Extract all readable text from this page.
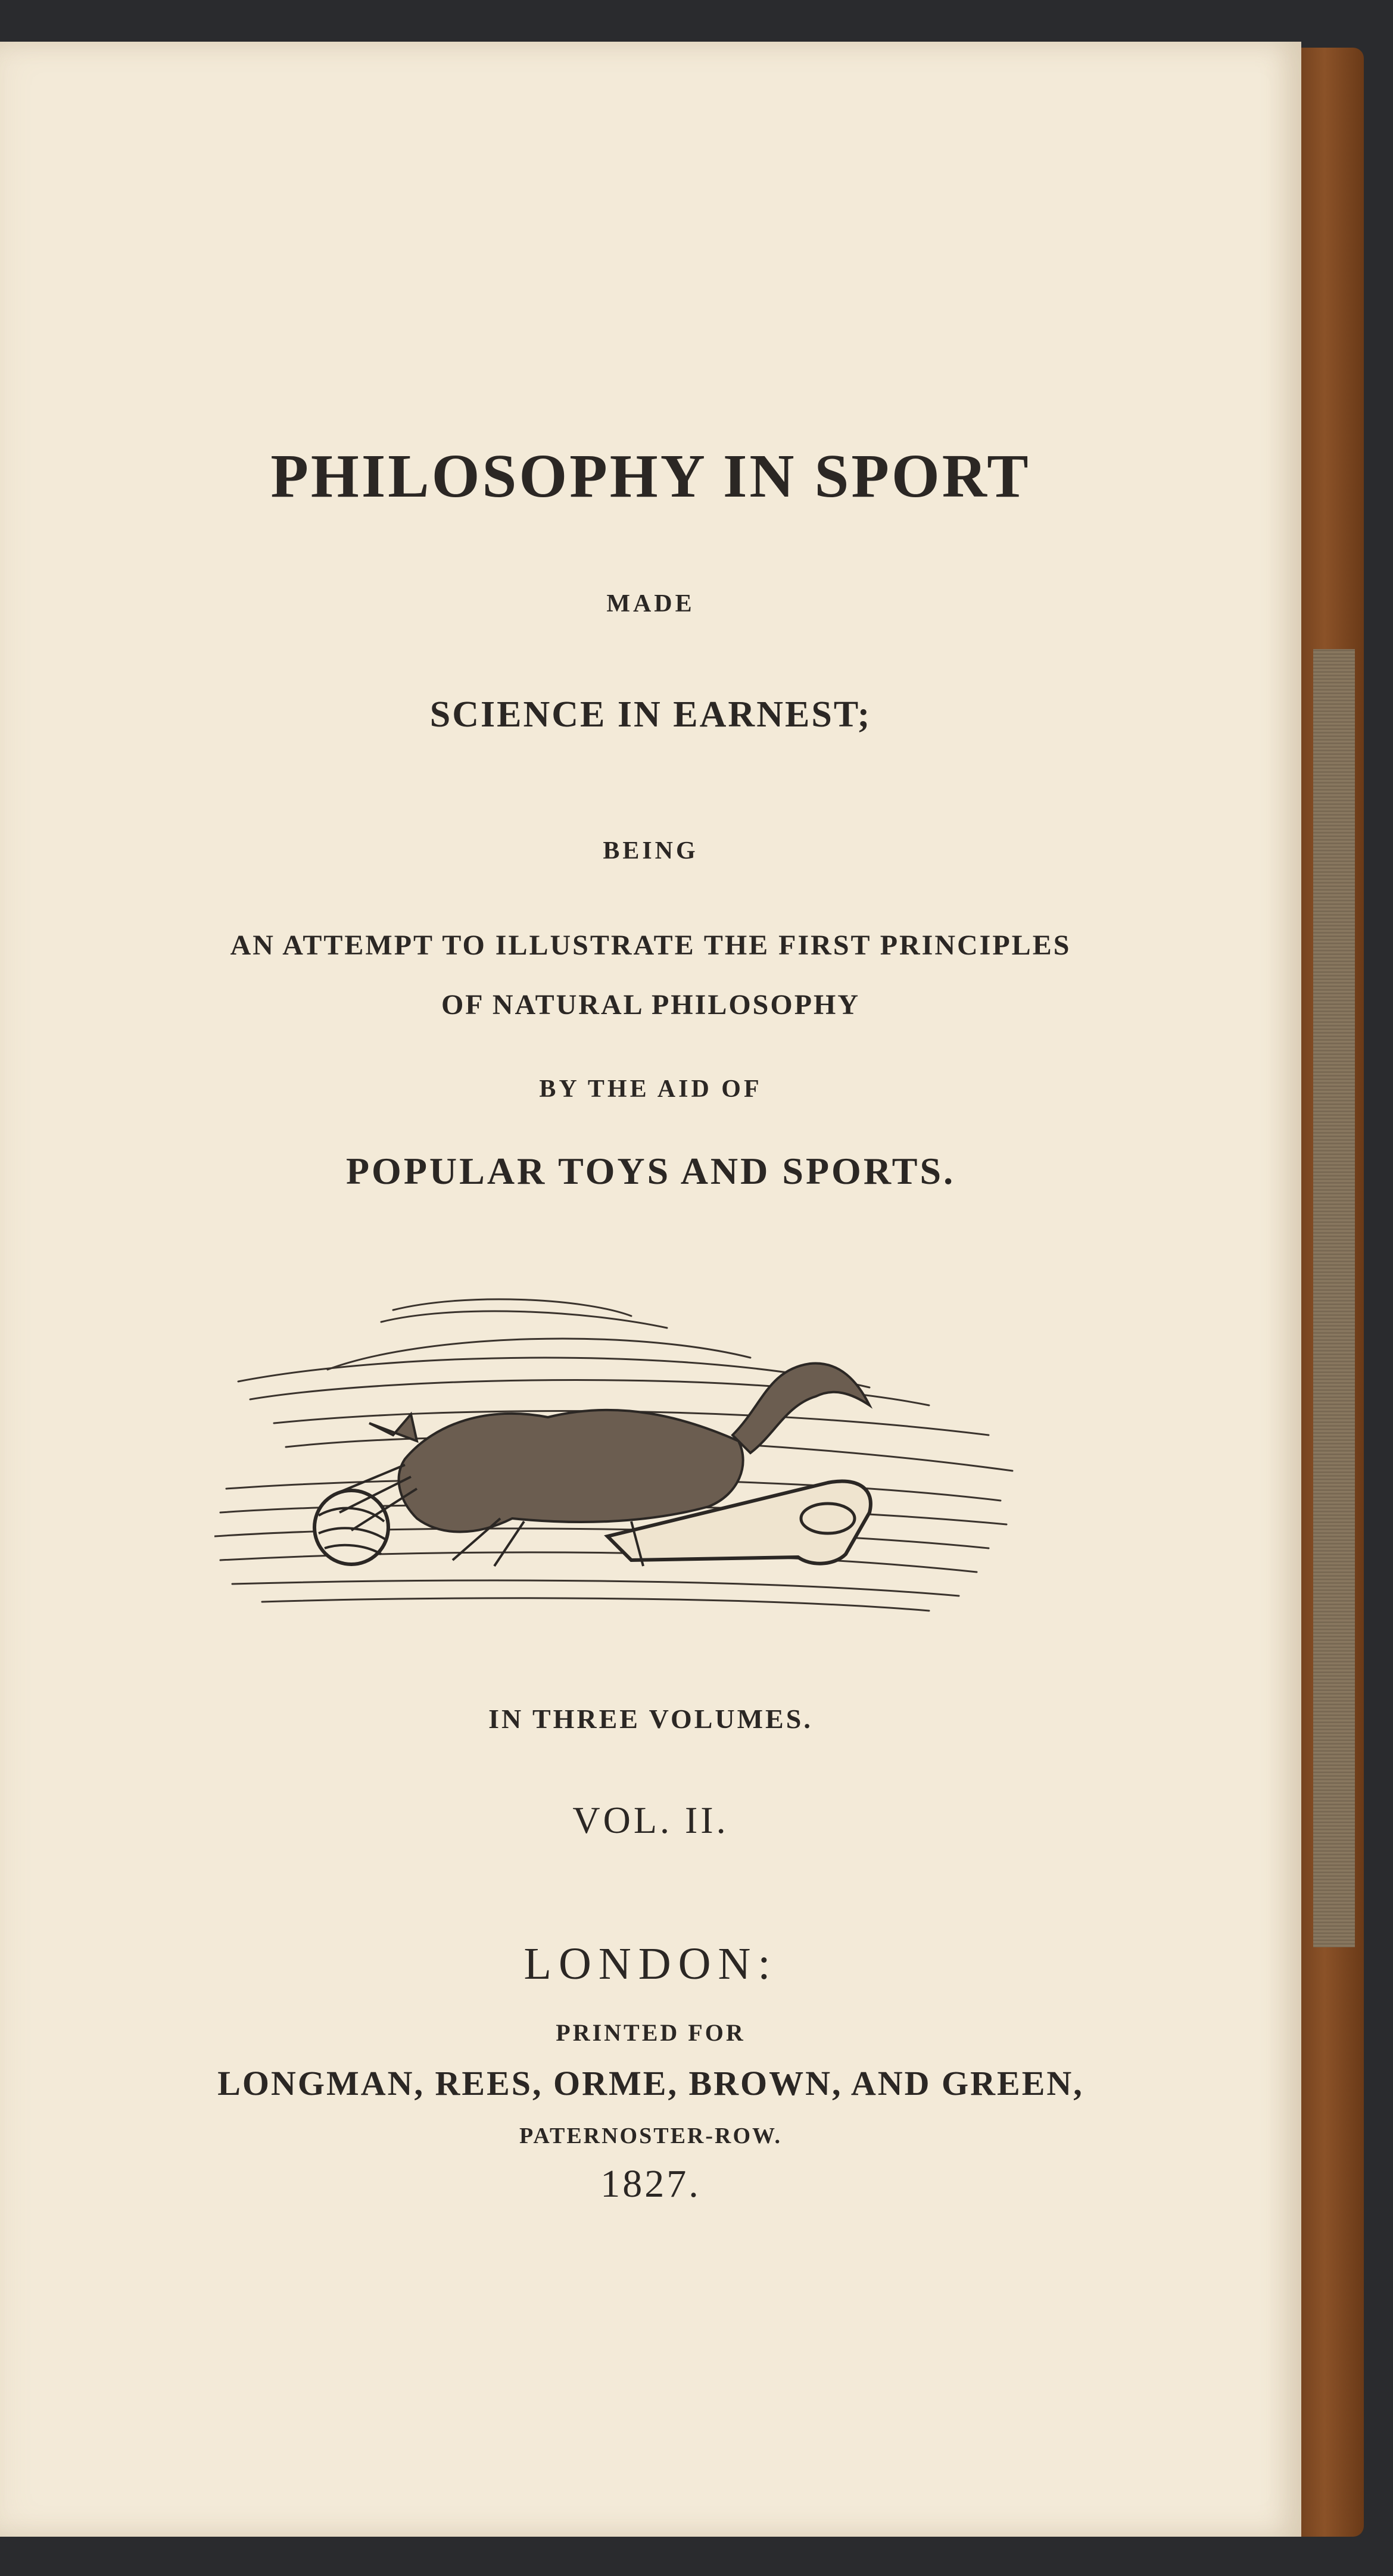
PHILOSOPHY IN SPORT
MADE
SCIENCE IN EARNEST;
BEING
AN ATTEMPT TO ILLUSTRATE THE FIRST PRINCIPLES
OF NATURAL PHILOSOPHY
BY THE AID OF
POPULAR TOYS AND SPORTS.
IN THREE VOLUMES.
VOL. II.
LONDON:
PRINTED FOR
LONGMAN, REES, ORME, BROWN, AND GREEN,
PATERNOSTER-ROW.
1827.
